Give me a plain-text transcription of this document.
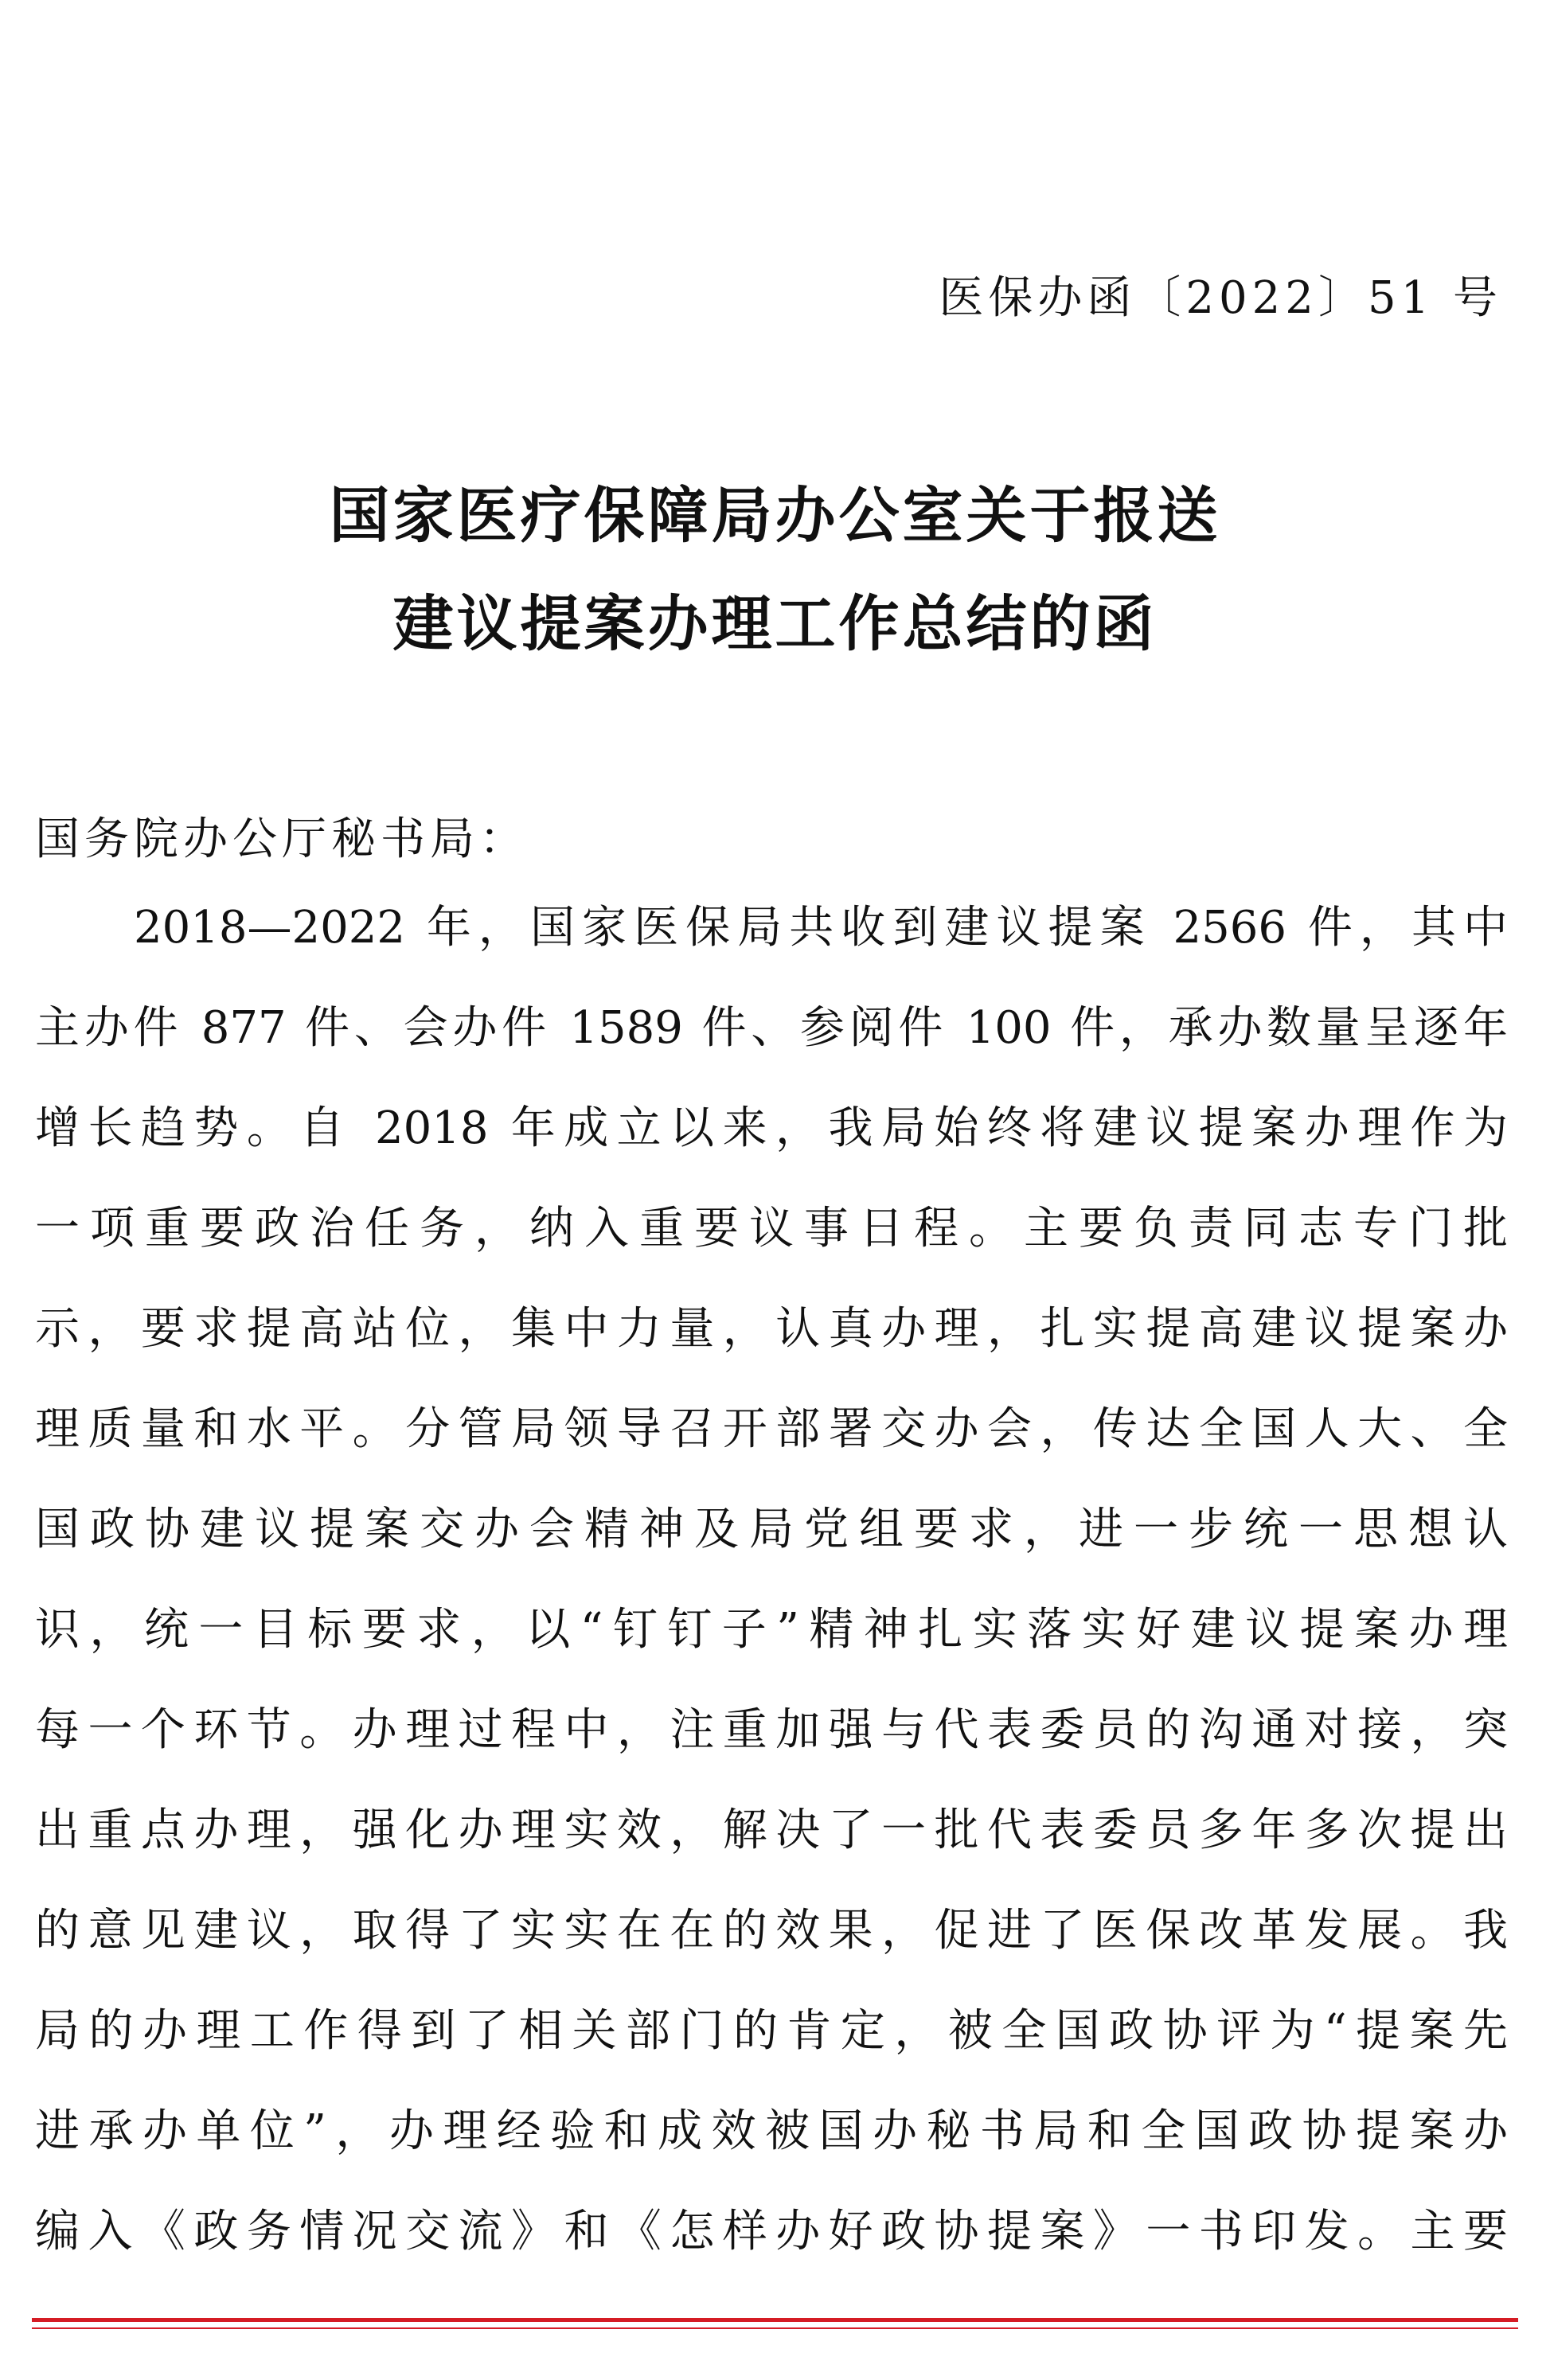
医保办函〔2022〕51 号
国家医疗保障局办公室关于报送
建议提案办理工作总结的函
国务院办公厅秘书局：
2018—2022 年，国家医保局共收到建议提案 2566 件，其中
主办件 877 件、会办件 1589 件、参阅件 100 件，承办数量呈逐年
增长趋势。自 2018 年成立以来，我局始终将建议提案办理作为
一项重要政治任务，纳入重要议事日程。主要负责同志专门批
示，要求提高站位，集中力量，认真办理，扎实提高建议提案办
理质量和水平。分管局领导召开部署交办会，传达全国人大、全
国政协建议提案交办会精神及局党组要求，进一步统一思想认
识，统一目标要求，以“钉钉子”精神扎实落实好建议提案办理
每一个环节。办理过程中，注重加强与代表委员的沟通对接，突
出重点办理，强化办理实效，解决了一批代表委员多年多次提出
的意见建议，取得了实实在在的效果，促进了医保改革发展。我
局的办理工作得到了相关部门的肯定，被全国政协评为“提案先
进承办单位”，办理经验和成效被国办秘书局和全国政协提案办
编入《政务情况交流》和《怎样办好政协提案》一书印发。主要
